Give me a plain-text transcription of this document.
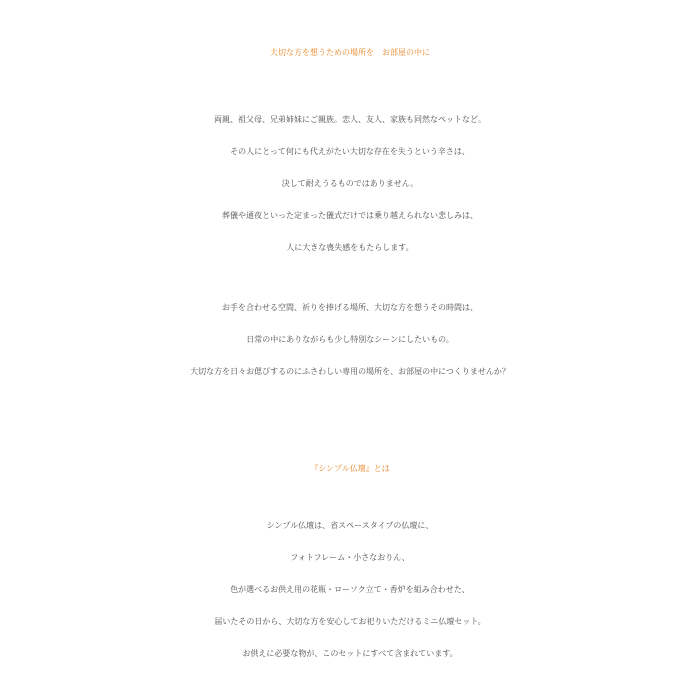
大切な方を想うための場所を　お部屋の中に
両親、祖父母、兄弟姉妹にご親族。恋人、友人、家族も同然なペットなど。
その人にとって何にも代えがたい大切な存在を失うという辛さは、
決して耐えうるものではありません。
葬儀や通夜といった定まった儀式だけでは乗り越えられない悲しみは、
人に大きな喪失感をもたらします。
お手を合わせる空間、祈りを捧げる場所、大切な方を想うその時間は、
日常の中にありながらも少し特別なシーンにしたいもの。
大切な方を日々お偲びするのにふさわしい専用の場所を、お部屋の中につくりませんか？
『シンプル仏壇』とは
シンプル仏壇は、省スペースタイプの仏壇に、
フォトフレーム・小さなおりん、
色が選べるお供え用の花瓶・ローソク立て・香炉を組み合わせた、
届いたその日から、大切な方を安心してお祀りいただけるミニ仏壇セット。
お供えに必要な物が、このセットにすべて含まれています。
